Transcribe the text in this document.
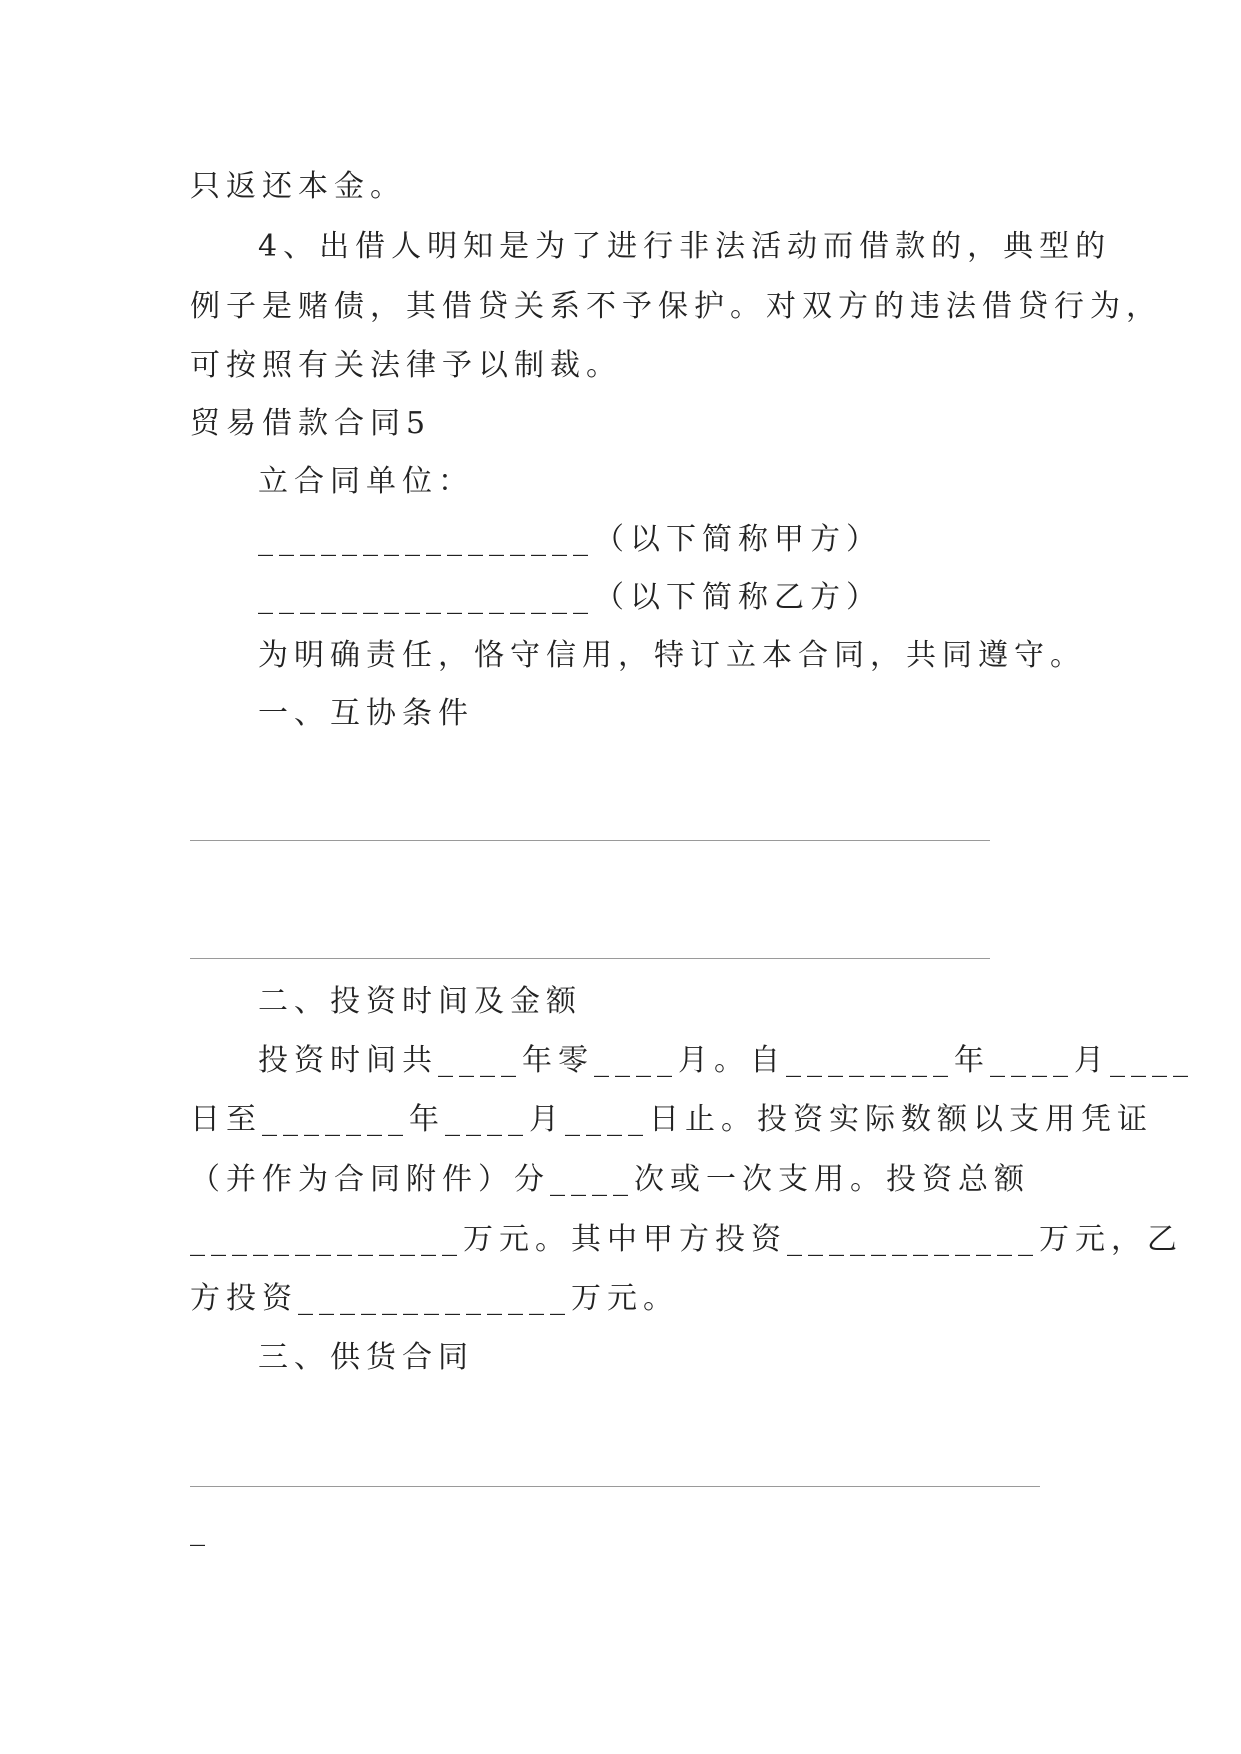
只返还本金。
4、出借人明知是为了进行非法活动而借款的，典型的
例子是赌债，其借贷关系不予保护。对双方的违法借贷行为，
可按照有关法律予以制裁。
贸易借款合同5
立合同单位：
________________（以下简称甲方）
________________（以下简称乙方）
为明确责任，恪守信用，特订立本合同，共同遵守。
一、互协条件
二、投资时间及金额
投资时间共____年零____月。自________年____月____
日至_______年____月____日止。投资实际数额以支用凭证
（并作为合同附件）分____次或一次支用。投资总额
_____________万元。其中甲方投资____________万元，乙
方投资_____________万元。
三、供货合同
_
